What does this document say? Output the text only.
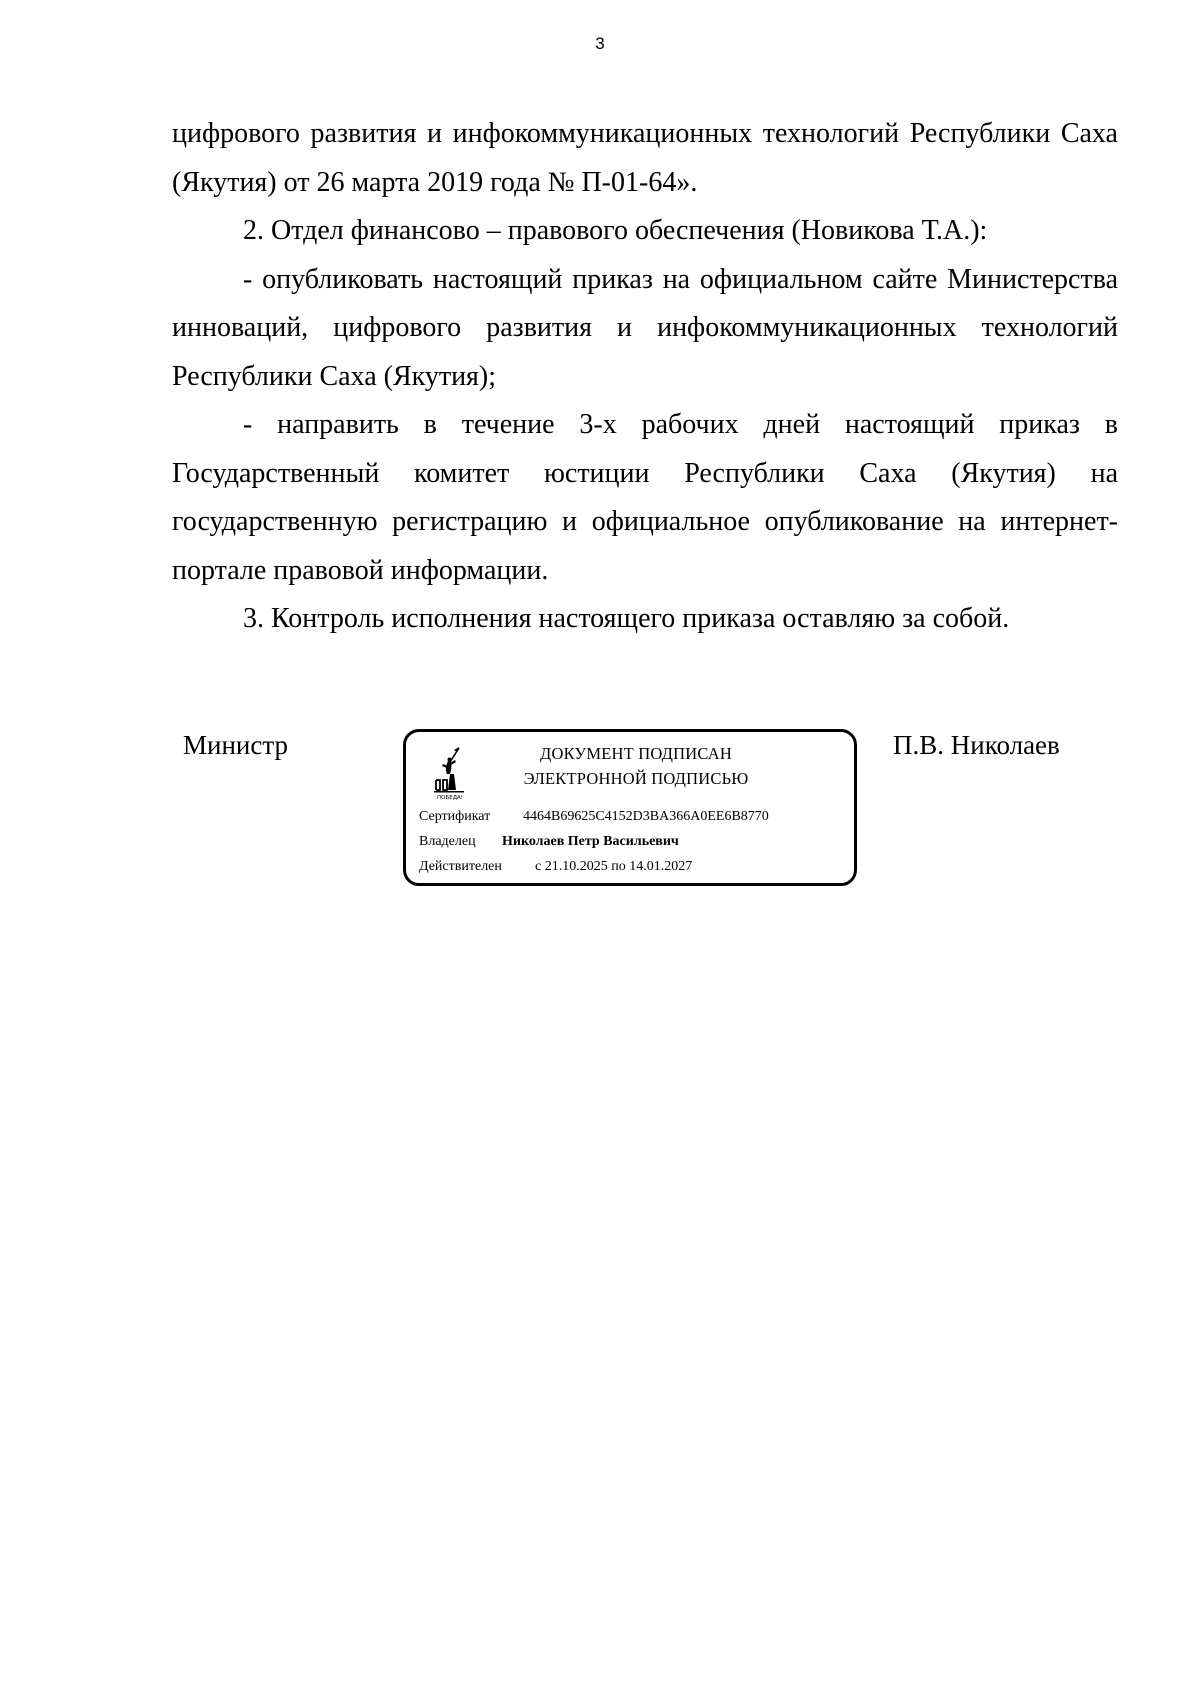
3

цифрового развития и инфокоммуникационных технологий Республики Саха (Якутия) от 26 марта 2019 года № П-01-64».

2. Отдел финансово – правового обеспечения (Новикова Т.А.):

- опубликовать настоящий приказ на официальном сайте Министерства инноваций, цифрового развития и инфокоммуникационных технологий Республики Саха (Якутия);

- направить в течение 3-х рабочих дней настоящий приказ в Государственный комитет юстиции Республики Саха (Якутия) на государственную регистрацию и официальное опубликование на интернет-портале правовой информации.

3. Контроль исполнения настоящего приказа оставляю за собой.

Министр
ПОБЕДА!
ДОКУМЕНТ ПОДПИСАН
ЭЛЕКТРОННОЙ ПОДПИСЬЮ
Сертификат 4464B69625C4152D3BA366A0EE6B8770
Владелец Николаев Петр Васильевич
Действителен с 21.10.2025 по 14.01.2027
П.В. Николаев
